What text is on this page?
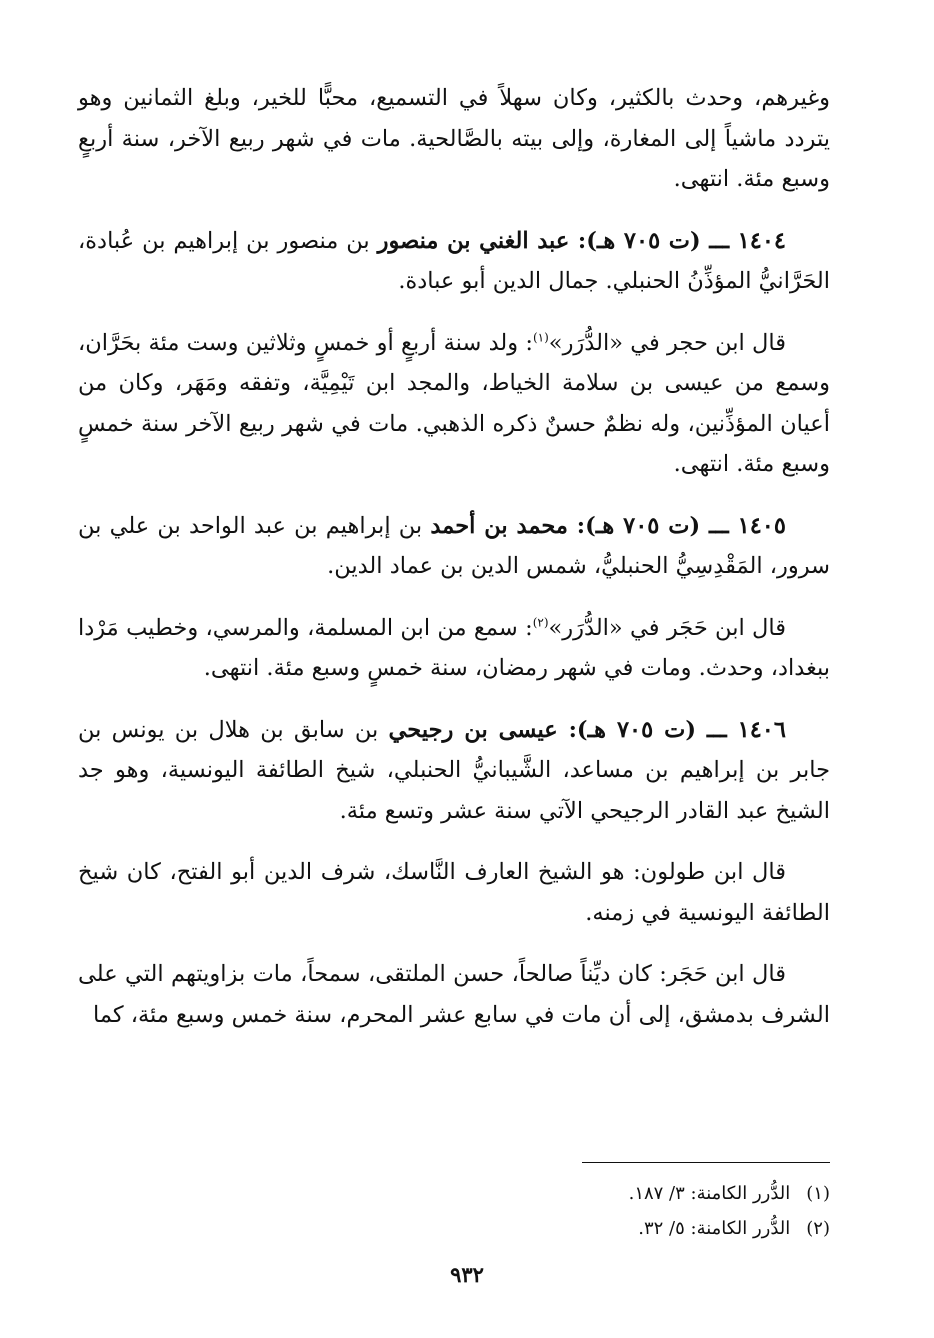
وغيرهم، وحدث بالكثير، وكان سهلاً في التسميع، محبًّا للخير، وبلغ الثمانين وهو يتردد ماشياً إلى المغارة، وإلى بيته بالصَّالحية. مات في شهر ربيع الآخر، سنة أربعٍ وسبع مئة. انتهى.

١٤٠٤ ـــ (ت ٧٠٥ هـ): عبد الغني بن منصور بن منصور بن إبراهيم بن عُبادة، الحَرَّانيُّ المؤذِّنُ الحنبلي. جمال الدين أبو عبادة.

قال ابن حجر في «الدُّرَر»$^{(١)}$: ولد سنة أربعٍ أو خمسٍ وثلاثين وست مئة بحَرَّان، وسمع من عيسى بن سلامة الخياط، والمجد ابن تَيْمِيَّة، وتفقه ومَهَر، وكان من أعيان المؤذِّنين، وله نظمٌ حسنٌ ذكره الذهبي. مات في شهر ربيع الآخر سنة خمسٍ وسبع مئة. انتهى.

١٤٠٥ ـــ (ت ٧٠٥ هـ): محمد بن أحمد بن إبراهيم بن عبد الواحد بن علي بن سرور، المَقْدِسِيُّ الحنبليُّ، شمس الدين بن عماد الدين.

قال ابن حَجَر في «الدُّرَر»$^{(٢)}$: سمع من ابن المسلمة، والمرسي، وخطيب مَرْدا ببغداد، وحدث. ومات في شهر رمضان، سنة خمسٍ وسبع مئة. انتهى.

١٤٠٦ ـــ (ت ٧٠٥ هـ): عيسى بن رجيحي بن سابق بن هلال بن يونس بن جابر بن إبراهيم بن مساعد، الشَّيبانيُّ الحنبلي، شيخ الطائفة اليونسية، وهو جد الشيخ عبد القادر الرجيحي الآتي سنة عشر وتسع مئة.

قال ابن طولون: هو الشيخ العارف النَّاسك، شرف الدين أبو الفتح، كان شيخ الطائفة اليونسية في زمنه.

قال ابن حَجَر: كان ديِّناً صالحاً، حسن الملتقى، سمحاً، مات بزاويتهم التي على الشرف بدمشق، إلى أن مات في سابع عشر المحرم، سنة خمس وسبع مئة، كما

(١)الدُّرر الكامنة: ٣/ ١٨٧.

(٢)الدُّرر الكامنة: ٥/ ٣٢.

٩٣٢
